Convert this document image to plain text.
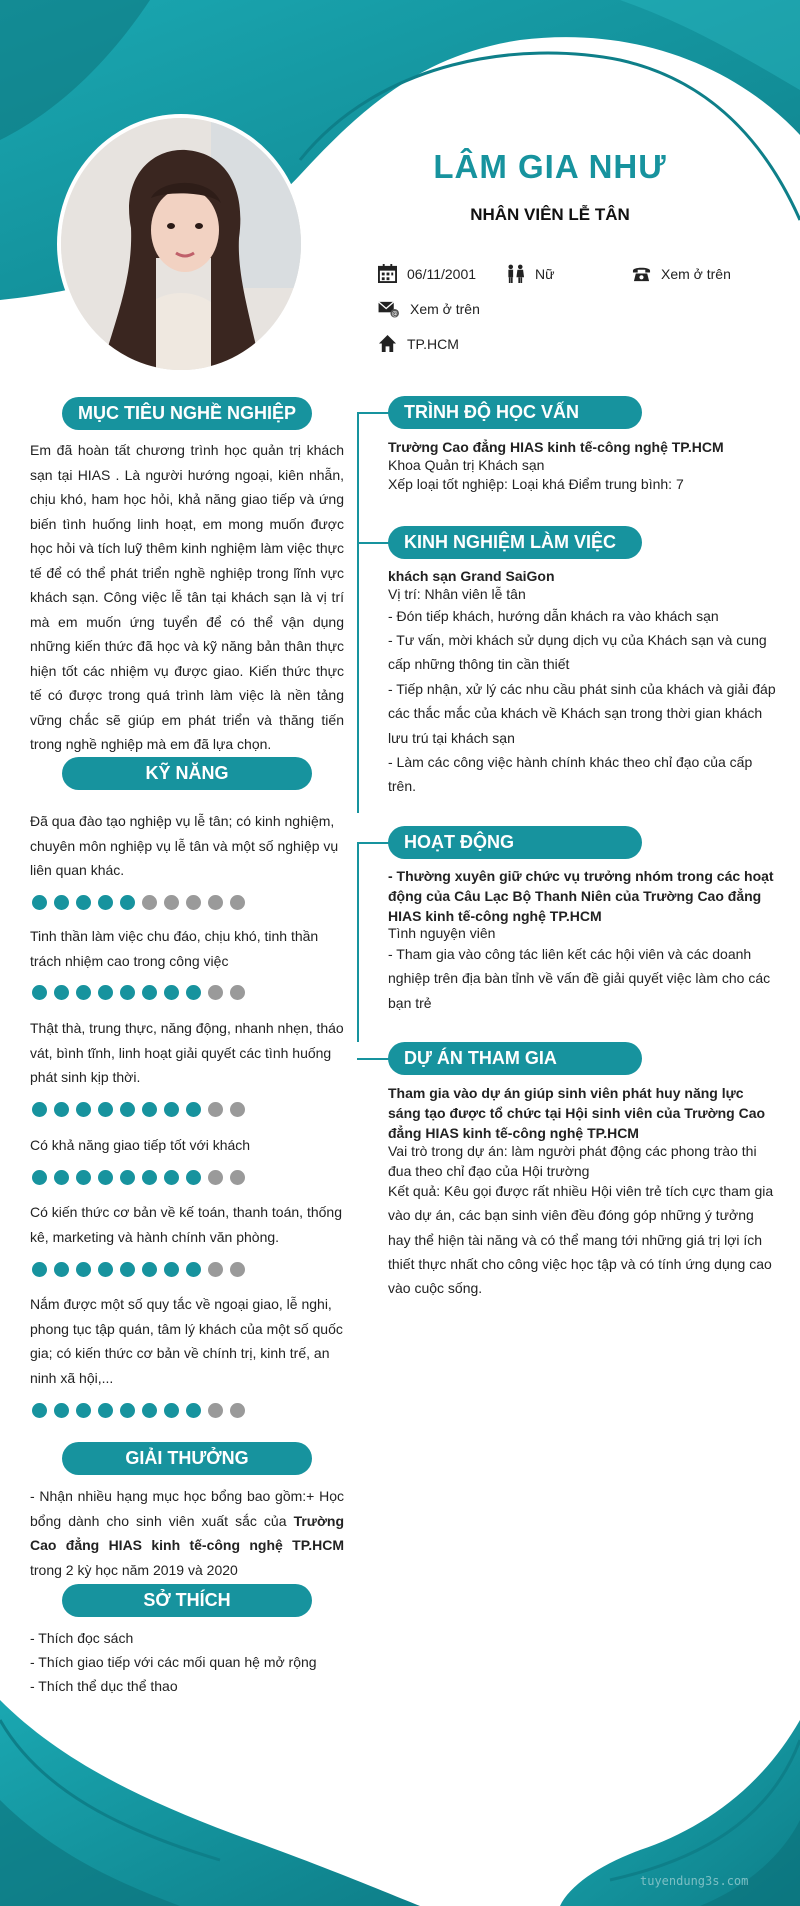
LÂM GIA NHƯ
NHÂN VIÊN LỄ TÂN
06/11/2001	Nữ	Xem ở trên
@ Xem ở trên
TP.HCM
MỤC TIÊU NGHỀ NGHIỆP

Em đã hoàn tất chương trình học quản trị khách sạn tại HIAS . Là người hướng ngoại, kiên nhẫn, chịu khó, ham học hỏi, khả năng giao tiếp và ứng biến tình huống linh hoạt, em mong muốn được học hỏi và tích luỹ thêm kinh nghiệm làm việc thực tế để có thể phát triển nghề nghiệp trong lĩnh vực khách sạn. Công việc lễ tân tại khách sạn là vị trí mà em muốn ứng tuyển để có thể vận dụng những kiến thức đã học và kỹ năng bản thân thực hiện tốt các nhiệm vụ được giao. Kiến thức thực tế có được trong quá trình làm việc là nền tảng vững chắc sẽ giúp em phát triển và thăng tiến trong nghề nghiệp mà em đã lựa chọn.

KỸ NĂNG

Đã qua đào tạo nghiệp vụ lễ tân; có kinh nghiệm, chuyên môn nghiệp vụ lễ tân và một số nghiệp vụ liên quan khác.

Tinh thần làm việc chu đáo, chịu khó, tinh thần trách nhiệm cao trong công việc

Thật thà, trung thực, năng động, nhanh nhẹn, tháo vát, bình tĩnh, linh hoạt giải quyết các tình huống phát sinh kịp thời.

Có khả năng giao tiếp tốt với khách

Có kiến thức cơ bản về kế toán, thanh toán, thống kê, marketing và hành chính văn phòng.

Nắm được một số quy tắc về ngoại giao, lễ nghi, phong tục tập quán, tâm lý khách của một số quốc gia; có kiến thức cơ bản về chính trị, kinh trế, an ninh xã hội,...

GIẢI THƯỞNG

- Nhận nhiều hạng mục học bổng bao gồm:+ Học bổng dành cho sinh viên xuất sắc của Trường Cao đẳng HIAS kinh tế-công nghệ TP.HCM trong 2 kỳ học năm 2019 và 2020

SỞ THÍCH

- Thích đọc sách

- Thích giao tiếp với các mối quan hệ mở rộng

- Thích thể dục thể thao

TRÌNH ĐỘ HỌC VẤN

Trường Cao đẳng HIAS kinh tế-công nghệ TP.HCM

Khoa Quản trị Khách sạn

Xếp loại tốt nghiệp: Loại khá Điểm trung bình: 7

KINH NGHIỆM LÀM VIỆC

khách sạn Grand SaiGon

Vị trí: Nhân viên lễ tân

- Đón tiếp khách, hướng dẫn khách ra vào khách sạn

- Tư vấn, mời khách sử dụng dịch vụ của Khách sạn và cung cấp những thông tin cần thiết

- Tiếp nhận, xử lý các nhu cầu phát sinh của khách và giải đáp các thắc mắc của khách về Khách sạn trong thời gian khách lưu trú tại khách sạn

- Làm các công việc hành chính khác theo chỉ đạo của cấp trên.

HOẠT ĐỘNG

- Thường xuyên giữ chức vụ trưởng nhóm trong các hoạt động của Câu Lạc Bộ Thanh Niên của Trường Cao đẳng HIAS kinh tế-công nghệ TP.HCM

Tình nguyện viên

- Tham gia vào công tác liên kết các hội viên và các doanh nghiệp trên địa bàn tỉnh về vấn đề giải quyết việc làm cho các bạn trẻ

DỰ ÁN THAM GIA

Tham gia vào dự án giúp sinh viên phát huy năng lực sáng tạo được tổ chức tại Hội sinh viên của Trường Cao đẳng HIAS kinh tế-công nghệ TP.HCM

Vai trò trong dự án: làm người phát động các phong trào thi đua theo chỉ đạo của Hội trường

Kết quả: Kêu gọi được rất nhiều Hội viên trẻ tích cực tham gia vào dự án, các bạn sinh viên đều đóng góp những ý tưởng hay thể hiện tài năng và có thể mang tới những giá trị lợi ích thiết thực nhất cho công việc học tập và có tính ứng dụng cao vào cuộc sống.

tuyendung3s.com
